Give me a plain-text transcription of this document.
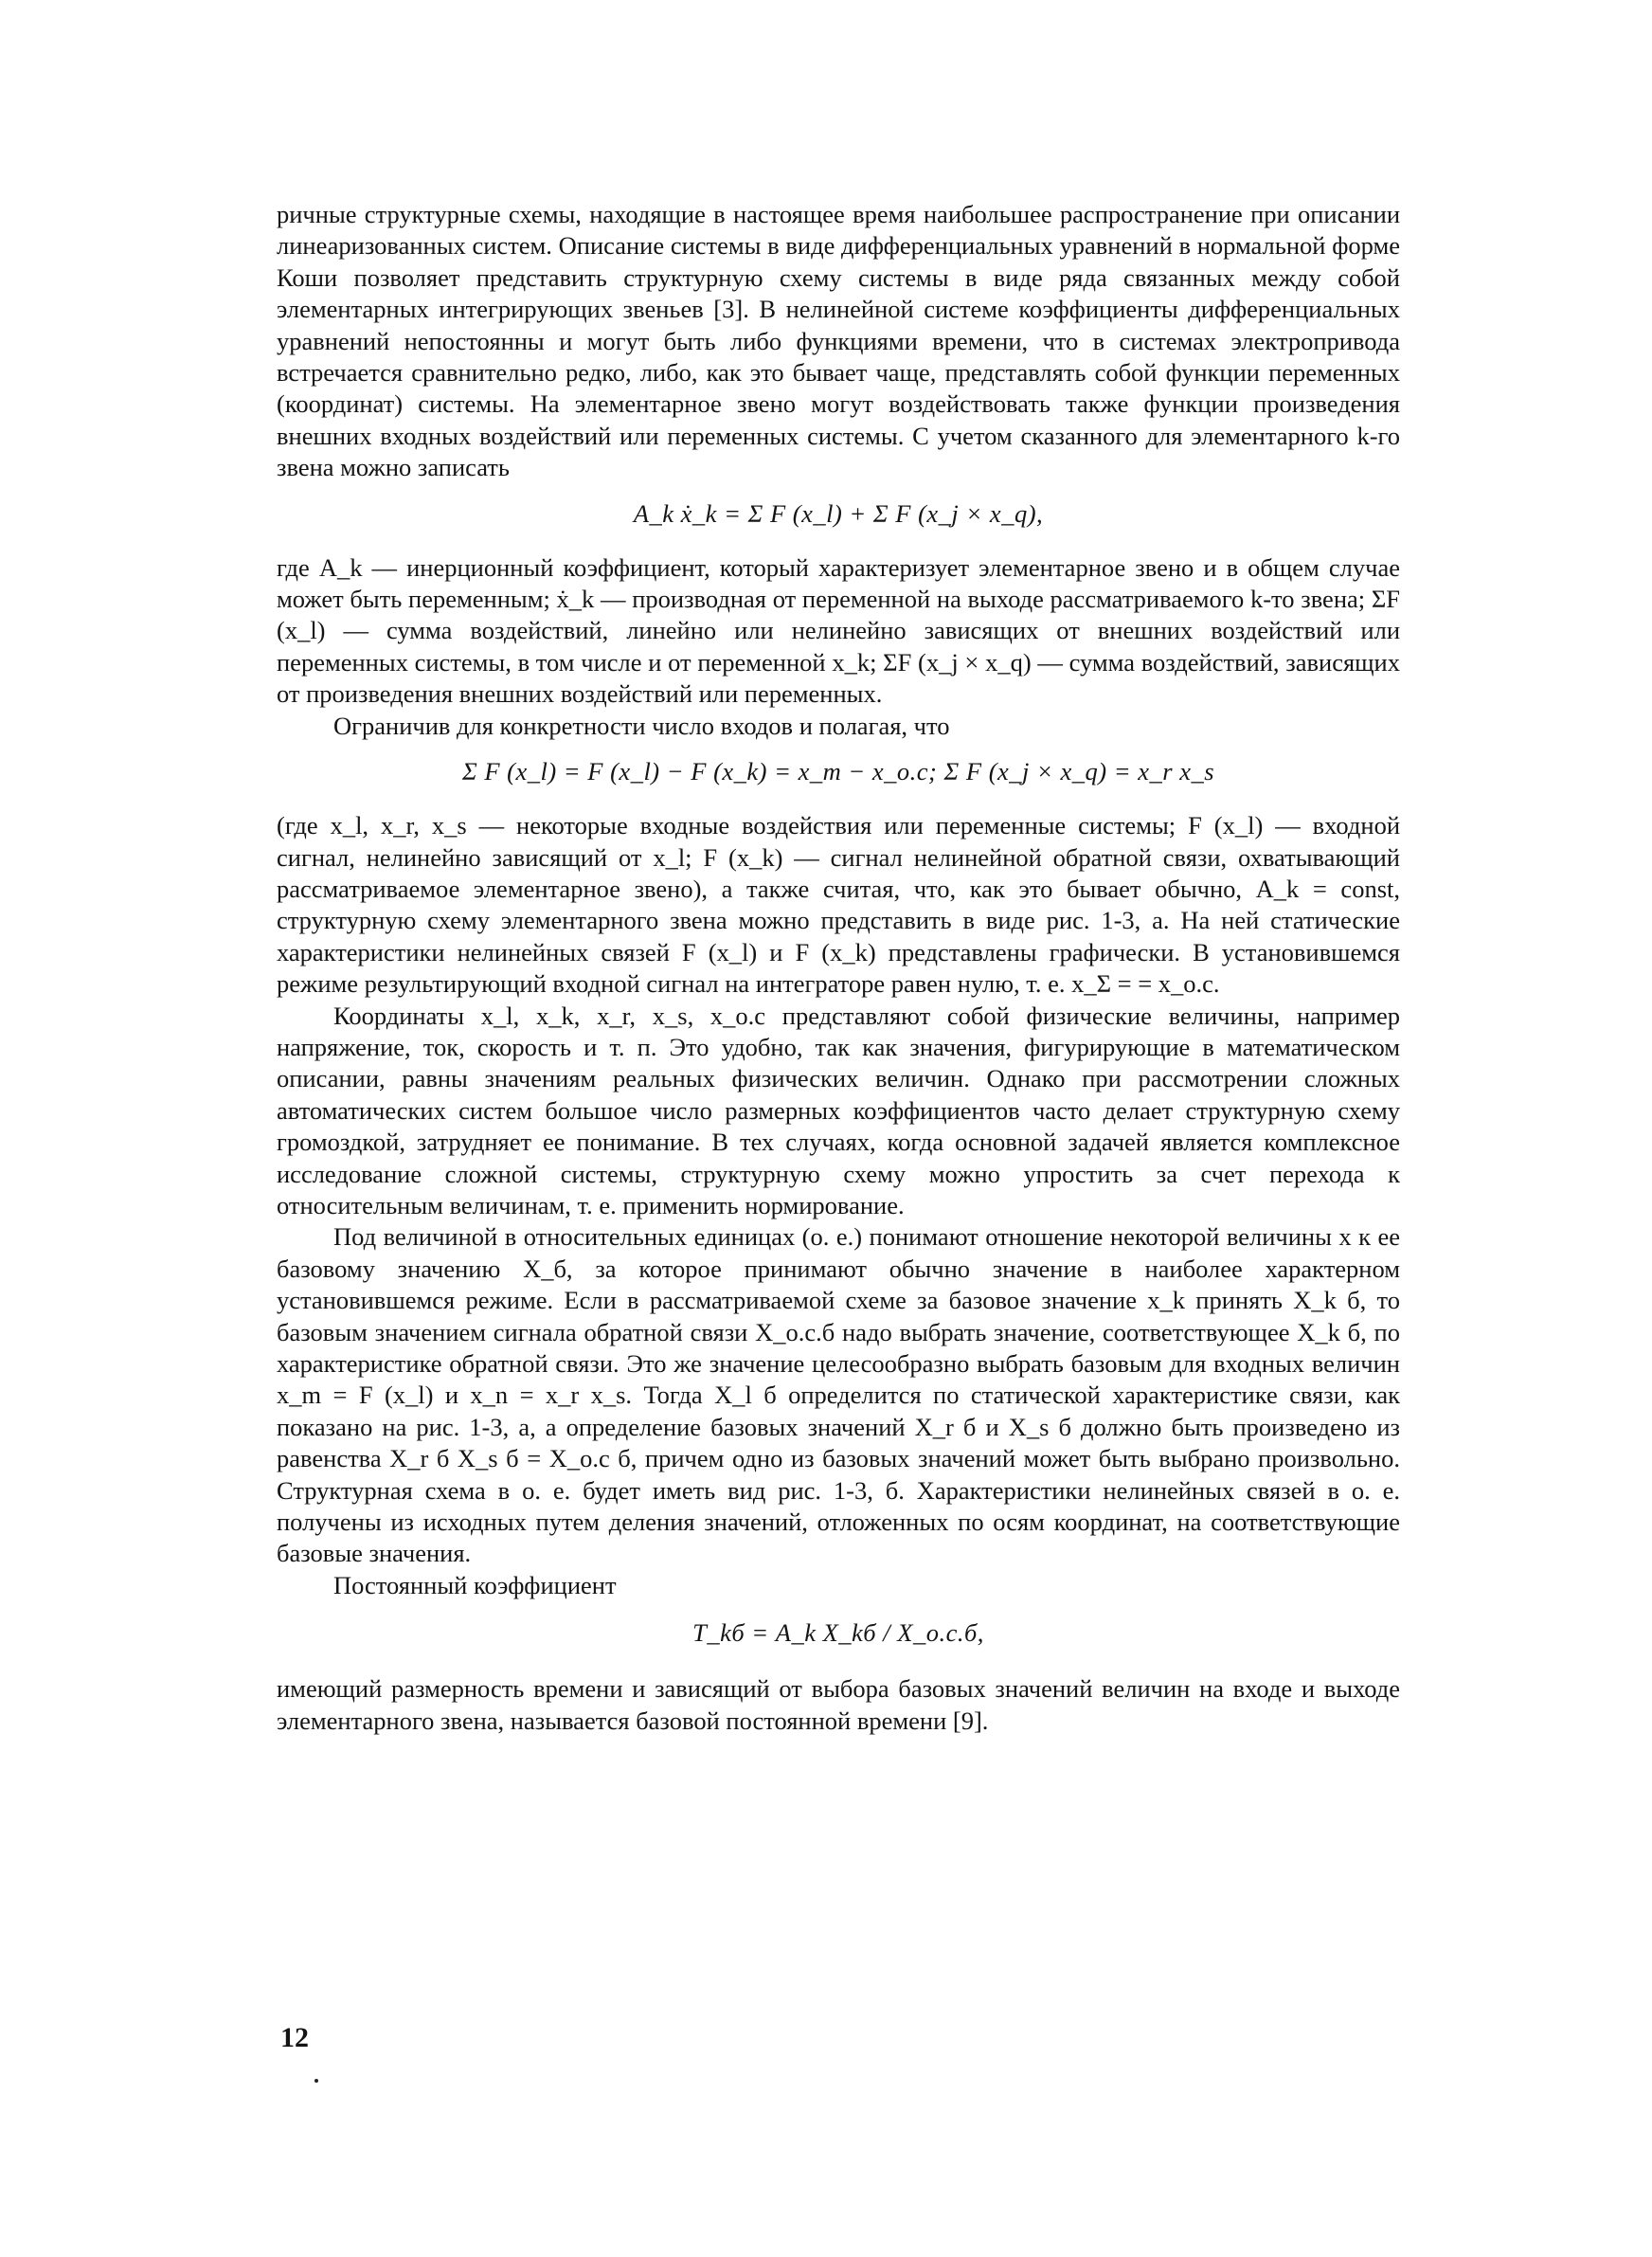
ричные структурные схемы, находящие в настоящее время наибольшее распространение при описании линеаризованных систем. Описание системы в виде дифференциальных уравнений в нормальной форме Коши позволяет представить структурную схему системы в виде ряда связанных между собой элементарных интегрирующих звеньев [3]. В нелинейной системе коэффициенты дифференциальных уравнений непостоянны и могут быть либо функциями времени, что в системах электропривода встречается сравнительно редко, либо, как это бывает чаще, представлять собой функции переменных (координат) системы. На элементарное звено могут воздействовать также функции произведения внешних входных воздействий или переменных системы. С учетом сказанного для элементарного k-го звена можно записать

A_k ẋ_k = Σ F (x_l) + Σ F (x_j × x_q),

где A_k — инерционный коэффициент, который характеризует элементарное звено и в общем случае может быть переменным; ẋ_k — производная от переменной на выходе рассматриваемого k-то звена; ΣF (x_l) — сумма воздействий, линейно или нелинейно зависящих от внешних воздействий или переменных системы, в том числе и от переменной x_k; ΣF (x_j × x_q) — сумма воздействий, зависящих от произведения внешних воздействий или переменных.

Ограничив для конкретности число входов и полагая, что

Σ F (x_l) = F (x_l) − F (x_k) = x_m − x_о.с; Σ F (x_j × x_q) = x_r x_s

(где x_l, x_r, x_s — некоторые входные воздействия или переменные системы; F (x_l) — входной сигнал, нелинейно зависящий от x_l; F (x_k) — сигнал нелинейной обратной связи, охватывающий рассматриваемое элементарное звено), а также считая, что, как это бывает обычно, A_k = const, структурную схему элементарного звена можно представить в виде рис. 1-3, а. На ней статические характеристики нелинейных связей F (x_l) и F (x_k) представлены графически. В установившемся режиме результирующий входной сигнал на интеграторе равен нулю, т. е. x_Σ = = x_о.с.

Координаты x_l, x_k, x_r, x_s, x_о.с представляют собой физические величины, например напряжение, ток, скорость и т. п. Это удобно, так как значения, фигурирующие в математическом описании, равны значениям реальных физических величин. Однако при рассмотрении сложных автоматических систем большое число размерных коэффициентов часто делает структурную схему громоздкой, затрудняет ее понимание. В тех случаях, когда основной задачей является комплексное исследование сложной системы, структурную схему можно упростить за счет перехода к относительным величинам, т. е. применить нормирование.

Под величиной в относительных единицах (о. е.) понимают отношение некоторой величины x к ее базовому значению X_б, за которое принимают обычно значение в наиболее характерном установившемся режиме. Если в рассматриваемой схеме за базовое значение x_k принять X_k б, то базовым значением сигнала обратной связи X_о.с.б надо выбрать значение, соответствующее X_k б, по характеристике обратной связи. Это же значение целесообразно выбрать базовым для входных величин x_m = F (x_l) и x_n = x_r x_s. Тогда X_l б определится по статической характеристике связи, как показано на рис. 1-3, а, а определение базовых значений X_r б и X_s б должно быть произведено из равенства X_r б X_s б = X_о.с б, причем одно из базовых значений может быть выбрано произвольно. Структурная схема в о. е. будет иметь вид рис. 1-3, б. Характеристики нелинейных связей в о. е. получены из исходных путем деления значений, отложенных по осям координат, на соответствующие базовые значения.

Постоянный коэффициент

T_kб = A_k X_kб / X_о.с.б,

имеющий размерность времени и зависящий от выбора базовых значений величин на входе и выходе элементарного звена, называется базовой постоянной времени [9].

12
